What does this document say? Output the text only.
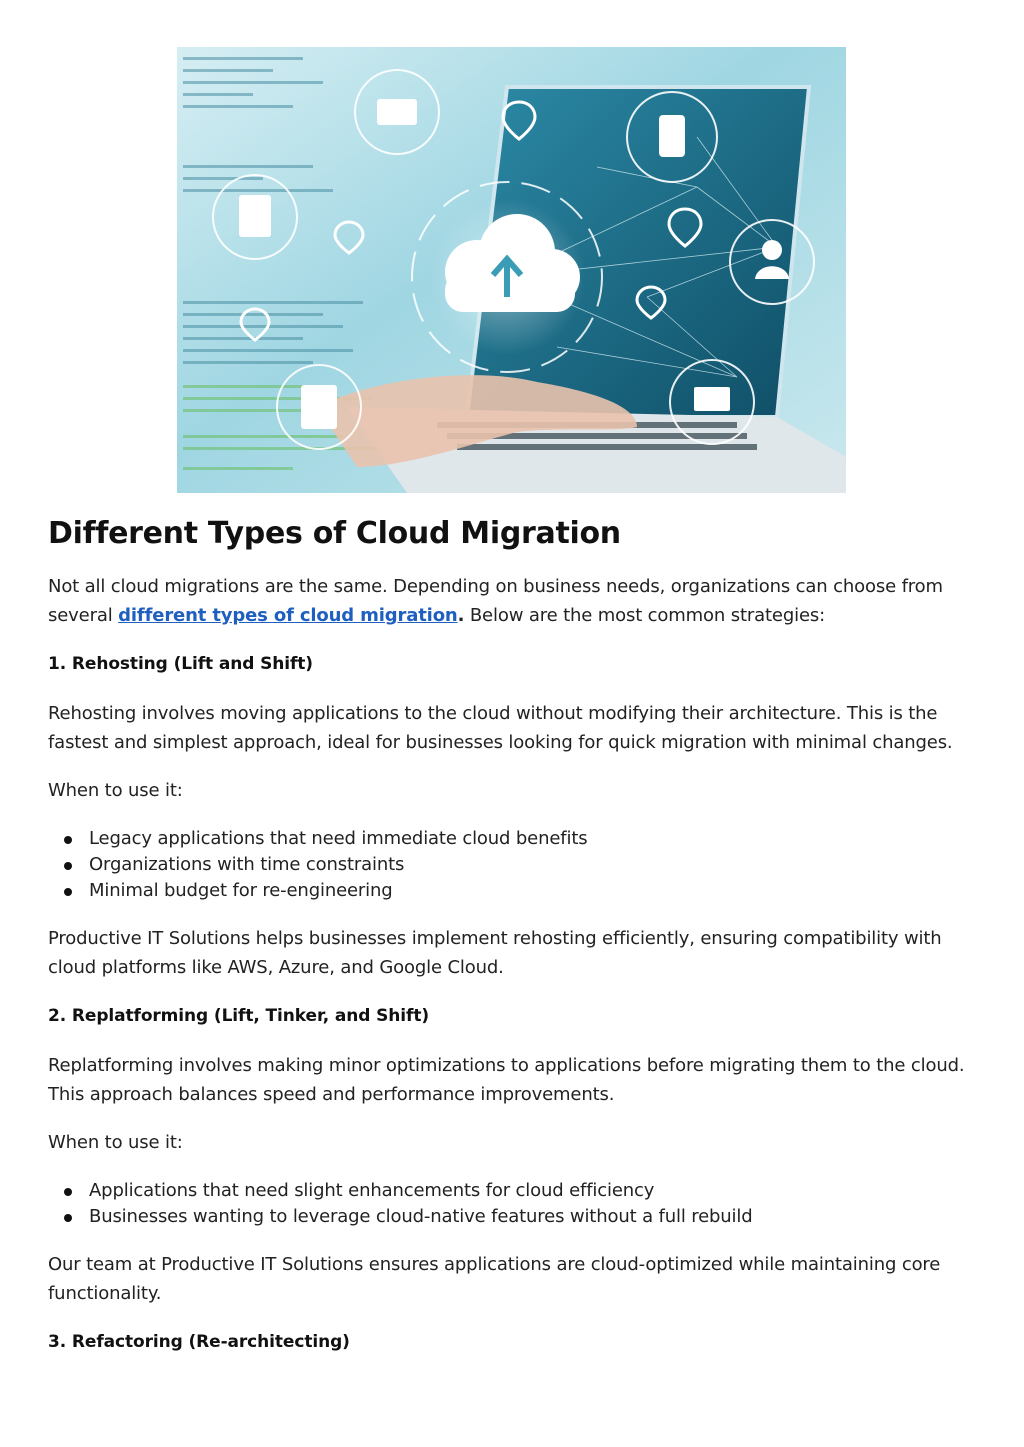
Different Types of Cloud Migration

Not all cloud migrations are the same. Depending on business needs, organizations can choose from several different types of cloud migration. Below are the most common strategies:

1. Rehosting (Lift and Shift)

Rehosting involves moving applications to the cloud without modifying their architecture. This is the fastest and simplest approach, ideal for businesses looking for quick migration with minimal changes.

When to use it:

Legacy applications that need immediate cloud benefits
Organizations with time constraints
Minimal budget for re-engineering

Productive IT Solutions helps businesses implement rehosting efficiently, ensuring compatibility with cloud platforms like AWS, Azure, and Google Cloud.

2. Replatforming (Lift, Tinker, and Shift)

Replatforming involves making minor optimizations to applications before migrating them to the cloud. This approach balances speed and performance improvements.

When to use it:

Applications that need slight enhancements for cloud efficiency
Businesses wanting to leverage cloud-native features without a full rebuild

Our team at Productive IT Solutions ensures applications are cloud-optimized while maintaining core functionality.

3. Refactoring (Re-architecting)
